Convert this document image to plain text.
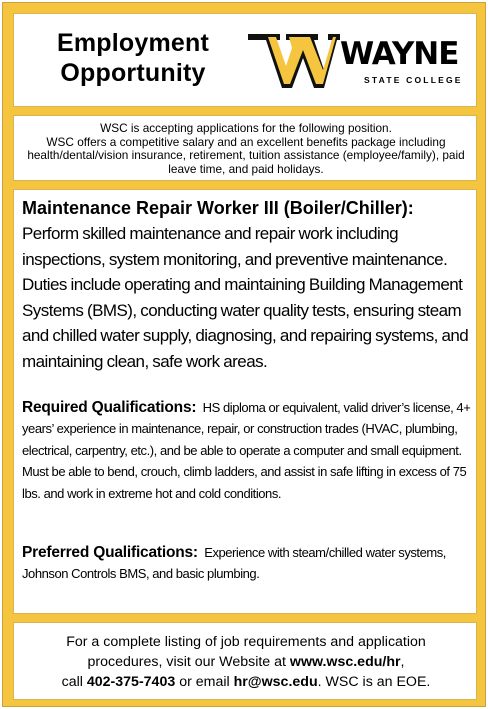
Employment
Opportunity
WAYNE
STATE COLLEGE
WSC is accepting applications for the following position.
WSC offers a competitive salary and an excellent benefits package including health/dental/vision insurance, retirement, tuition assistance (employee/family), paid leave time, and paid holidays.
Maintenance Repair Worker III (Boiler/Chiller):
Perform skilled maintenance and repair work including inspections, system monitoring, and preventive maintenance. Duties include operating and maintaining Building Management Systems (BMS), conducting water quality tests, ensuring steam and chilled water supply, diagnosing, and repairing systems, and maintaining clean, safe work areas.
Required Qualifications: HS diploma or equivalent, valid driver’s license, 4+ years’ experience in maintenance, repair, or construction trades (HVAC, plumbing, electrical, carpentry, etc.), and be able to operate a computer and small equipment. Must be able to bend, crouch, climb ladders, and assist in safe lifting in excess of 75 lbs. and work in extreme hot and cold conditions.
Preferred Qualifications: Experience with steam/chilled water systems, Johnson Controls BMS, and basic plumbing.
For a complete listing of job requirements and application
procedures, visit our Website at www.wsc.edu/hr,
call 402-375-7403 or email hr@wsc.edu. WSC is an EOE.
